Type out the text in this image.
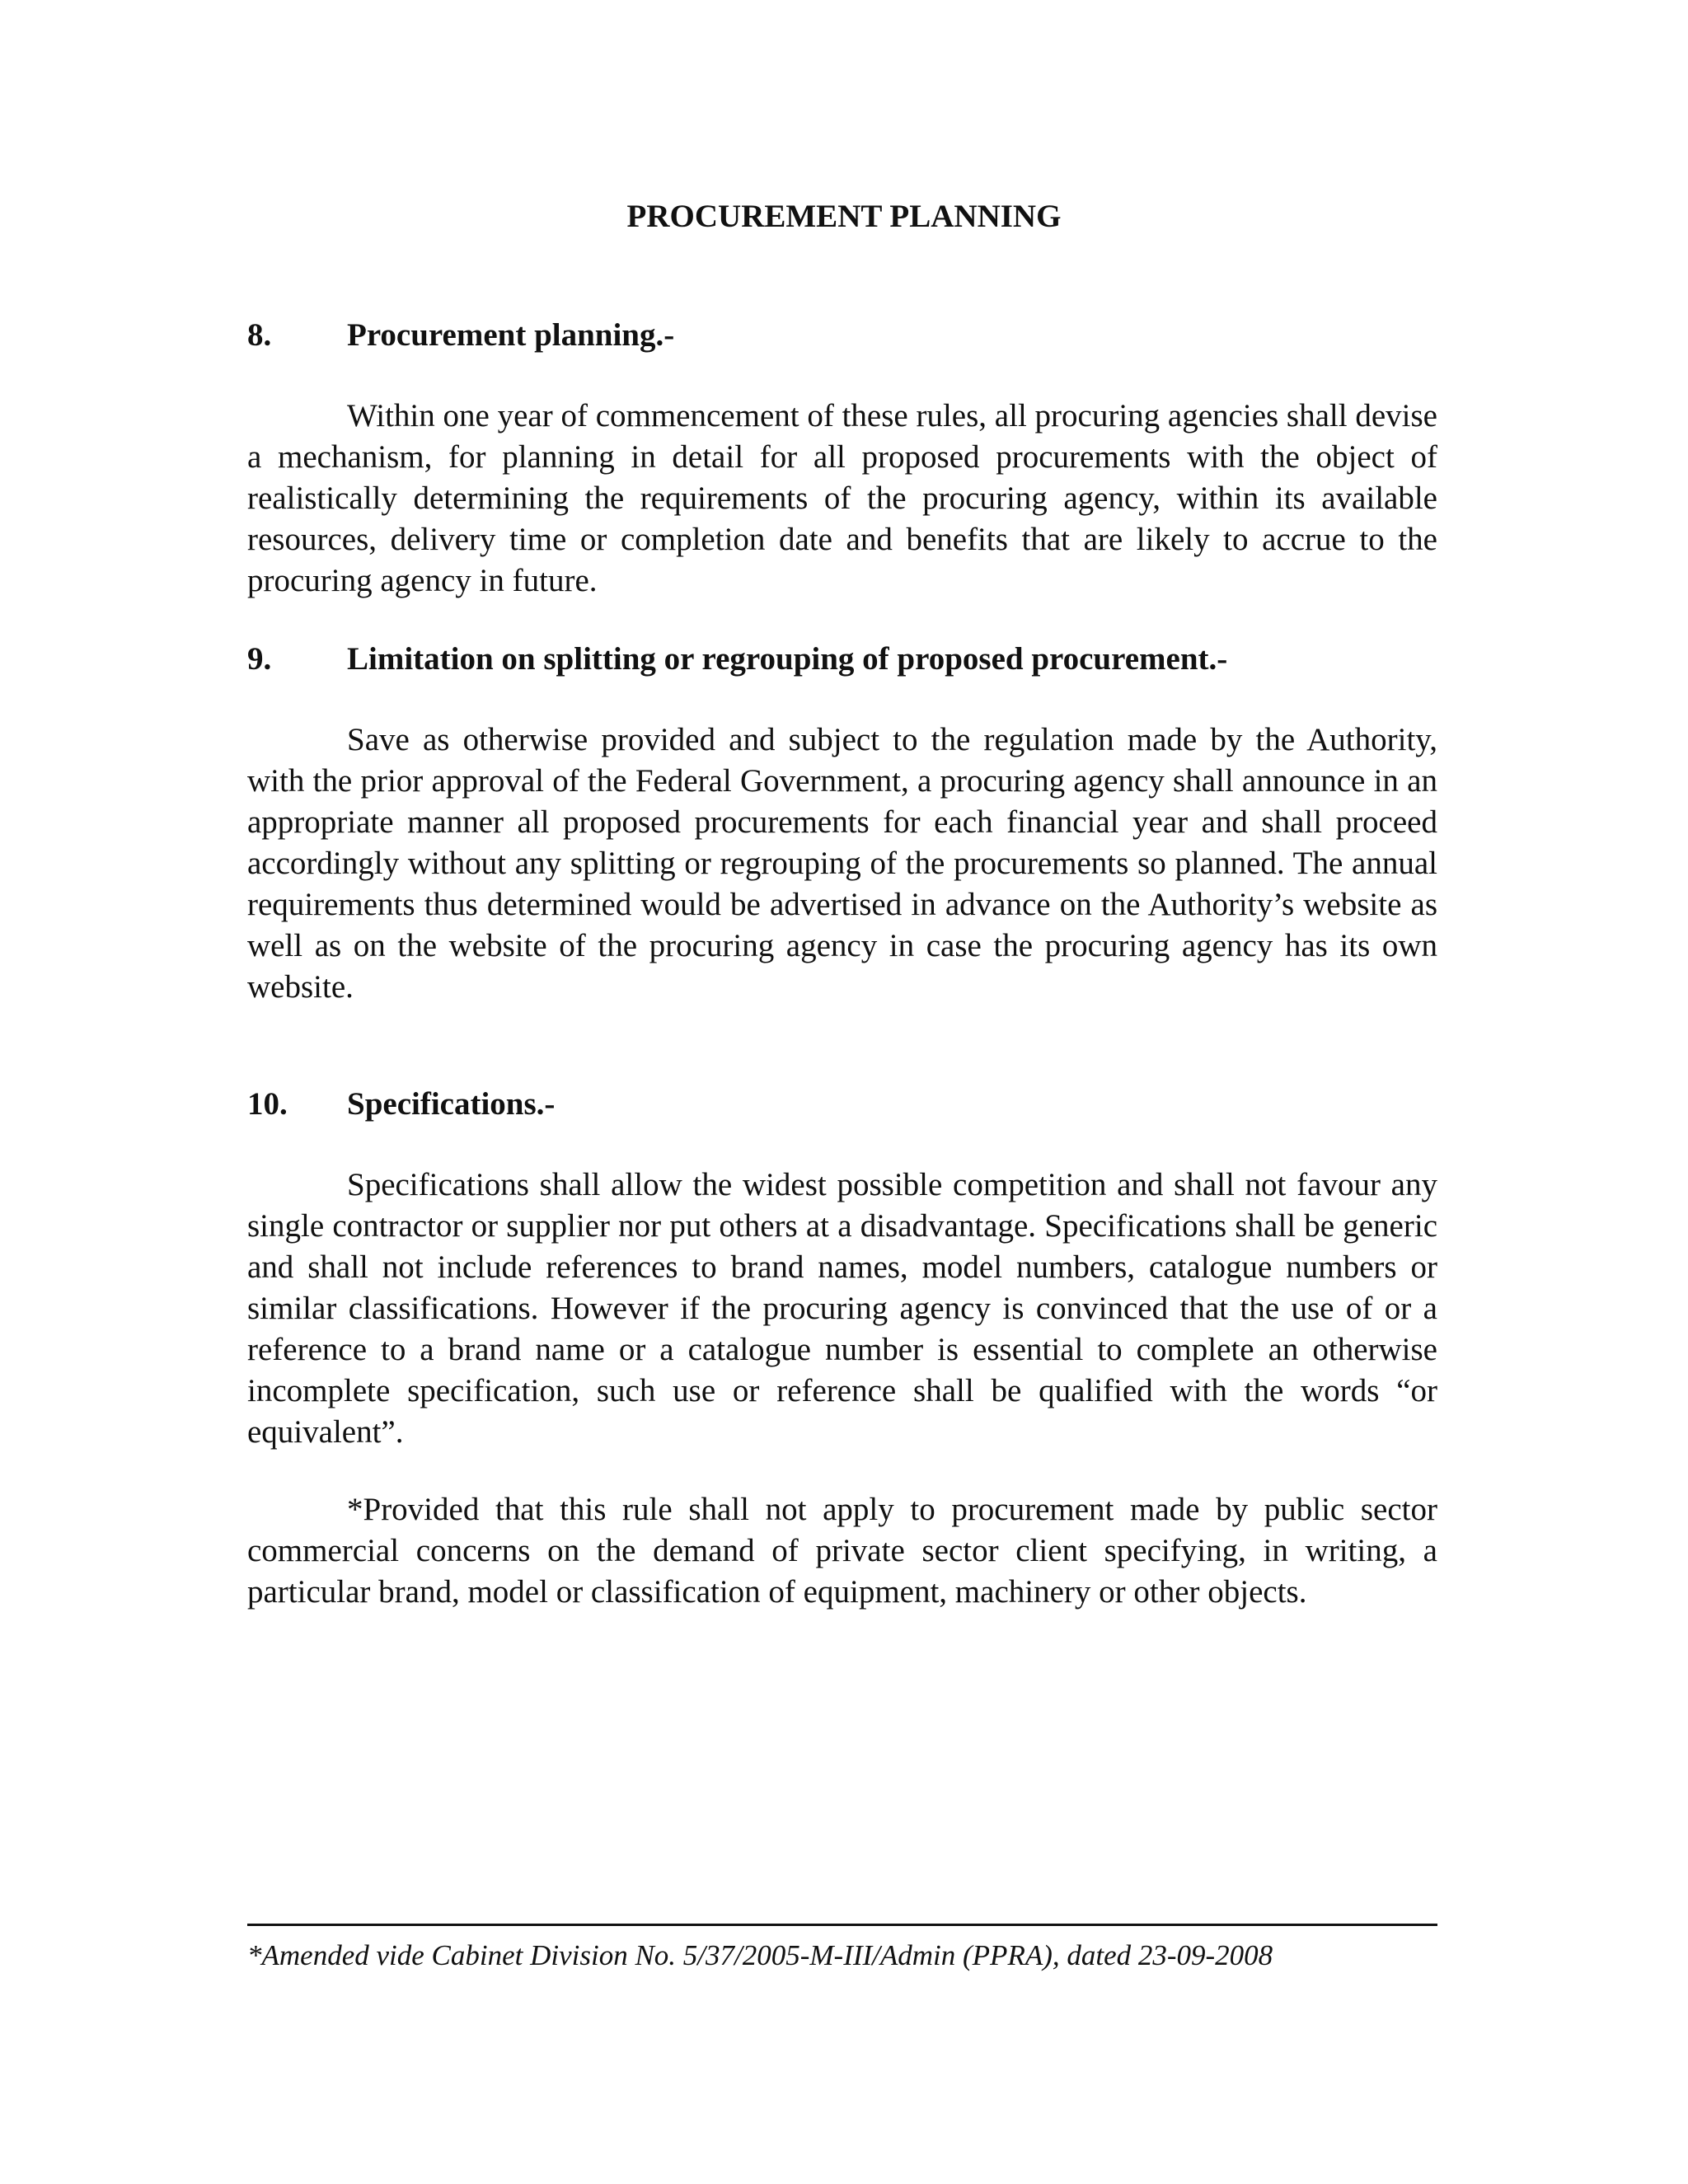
PROCUREMENT PLANNING
8. Procurement planning.-

Within one year of commencement of these rules, all procuring agencies shall devise a mechanism, for planning in detail for all proposed procurements with the object of realistically determining the requirements of the procuring agency, within its available resources, delivery time or completion date and benefits that are likely to accrue to the procuring agency in future.

9. Limitation on splitting or regrouping of proposed procurement.-

Save as otherwise provided and subject to the regulation made by the Authority, with the prior approval of the Federal Government, a procuring agency shall announce in an appropriate manner all proposed procurements for each financial year and shall proceed accordingly without any splitting or regrouping of the procurements so planned. The annual requirements thus determined would be advertised in advance on the Authority’s website as well as on the website of the procuring agency in case the procuring agency has its own website.

10. Specifications.-

Specifications shall allow the widest possible competition and shall not favour any single contractor or supplier nor put others at a disadvantage. Specifications shall be generic and shall not include references to brand names, model numbers, catalogue numbers or similar classifications. However if the procuring agency is convinced that the use of or a reference to a brand name or a catalogue number is essential to complete an otherwise incomplete specification, such use or reference shall be qualified with the words “or equivalent”.

*Provided that this rule shall not apply to procurement made by public sector commercial concerns on the demand of private sector client specifying, in writing, a particular brand, model or classification of equipment, machinery or other objects.

*Amended vide Cabinet Division No. 5/37/2005-M-III/Admin (PPRA), dated 23-09-2008
